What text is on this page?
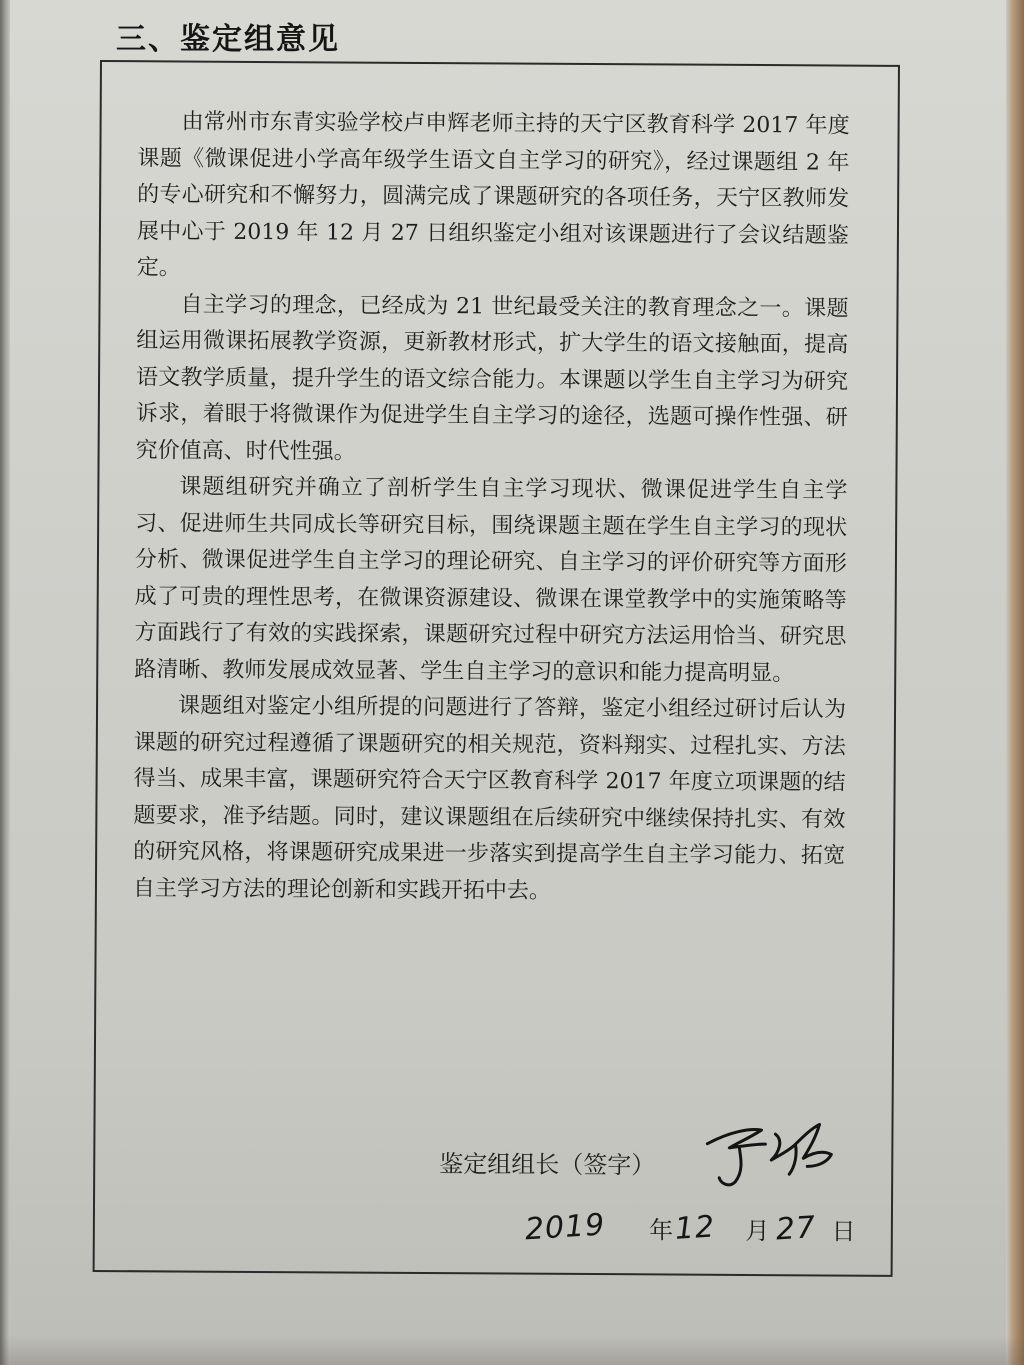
三、鉴定组意见

由常州市东青实验学校卢申辉老师主持的天宁区教育科学 2017 年度课题《微课促进小学高年级学生语文自主学习的研究》，经过课题组 2 年的专心研究和不懈努力，圆满完成了课题研究的各项任务，天宁区教师发展中心于 2019 年 12 月 27 日组织鉴定小组对该课题进行了会议结题鉴定。

自主学习的理念，已经成为 21 世纪最受关注的教育理念之一。课题组运用微课拓展教学资源，更新教材形式，扩大学生的语文接触面，提高语文教学质量，提升学生的语文综合能力。本课题以学生自主学习为研究诉求，着眼于将微课作为促进学生自主学习的途径，选题可操作性强、研究价值高、时代性强。

课题组研究并确立了剖析学生自主学习现状、微课促进学生自主学习、促进师生共同成长等研究目标，围绕课题主题在学生自主学习的现状分析、微课促进学生自主学习的理论研究、自主学习的评价研究等方面形成了可贵的理性思考，在微课资源建设、微课在课堂教学中的实施策略等方面践行了有效的实践探索，课题研究过程中研究方法运用恰当、研究思路清晰、教师发展成效显著、学生自主学习的意识和能力提高明显。

课题组对鉴定小组所提的问题进行了答辩，鉴定小组经过研讨后认为课题的研究过程遵循了课题研究的相关规范，资料翔实、过程扎实、方法得当、成果丰富，课题研究符合天宁区教育科学 2017 年度立项课题的结题要求，准予结题。同时，建议课题组在后续研究中继续保持扎实、有效的研究风格，将课题研究成果进一步落实到提高学生自主学习能力、拓宽自主学习方法的理论创新和实践开拓中去。

鉴定组组长（签字）
2019 年 12 月 27 日
